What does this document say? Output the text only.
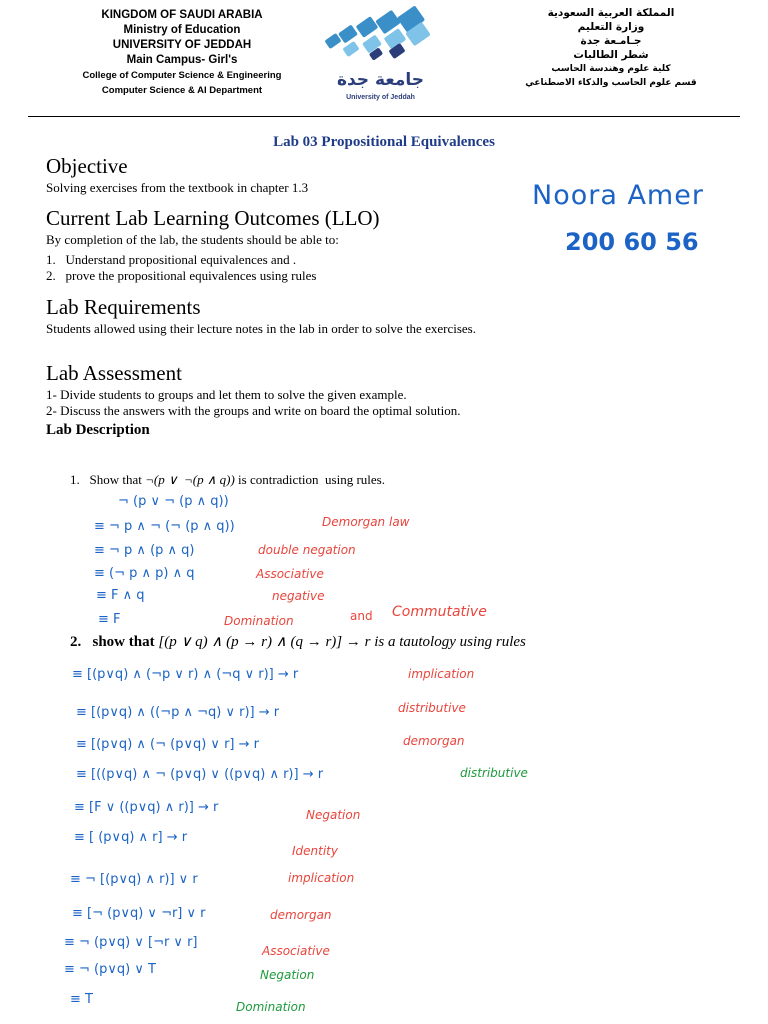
KINGDOM OF SAUDI ARABIA
Ministry of Education
UNIVERSITY OF JEDDAH
Main Campus- Girl's
College of Computer Science & Engineering
Computer Science & AI Department
جامعة جدة
University of Jeddah
المملكة العربية السعودية
وزارة التعليم
جـامـعة جدة
شطر الطالبات
كلية علوم وهندسة الحاسب
قسم علوم الحاسب والذكاء الاصطناعي
Lab 03 Propositional Equivalences
Noora Amer
200 60 56
Objective

Solving exercises from the textbook in chapter 1.3

Current Lab Learning Outcomes (LLO)

By completion of the lab, the students should be able to:

1.   Understand propositional equivalences and .

2.   prove the propositional equivalences using rules

Lab Requirements

Students allowed using their lecture notes in the lab in order to solve the exercises.

Lab Assessment

1- Divide students to groups and let them to solve the given example.

2- Discuss the answers with the groups and write on board the optimal solution.

Lab Description

1.   Show that ¬(p ∨  ¬(p ∧ q)) is contradiction  using rules.

¬ (p ∨ ¬ (p ∧ q))
≡ ¬ p ∧ ¬ (¬ (p ∧ q))	Demorgan law
≡ ¬ p ∧ (p ∧ q)	double negation
≡ (¬ p ∧ p) ∧ q	Associative
≡ F ∧ q	negative
≡ F	Domination	and Commutative
2.   show that [(p ∨ q) ∧ (p → r) ∧ (q → r)] → r is a tautology using rules
≡ [(p∨q) ∧ (¬p ∨ r) ∧ (¬q ∨ r)] → r	implication
≡ [(p∨q) ∧ ((¬p ∧ ¬q) ∨ r)] → r	distributive
≡ [(p∨q) ∧ (¬ (p∨q) ∨ r] → r	demorgan
≡ [((p∨q) ∧ ¬ (p∨q) ∨ ((p∨q) ∧ r)] → r	distributive
≡ [F ∨ ((p∨q) ∧ r)] → r	Negation
≡ [ (p∨q) ∧ r] → r
Identity
≡ ¬ [(p∨q) ∧ r)] ∨ r	implication
≡ [¬ (p∨q) ∨ ¬r] ∨ r	demorgan
≡ ¬ (p∨q) ∨ [¬r ∨ r]
Associative
≡ ¬ (p∨q) ∨ T	Negation
≡ T	Domination
